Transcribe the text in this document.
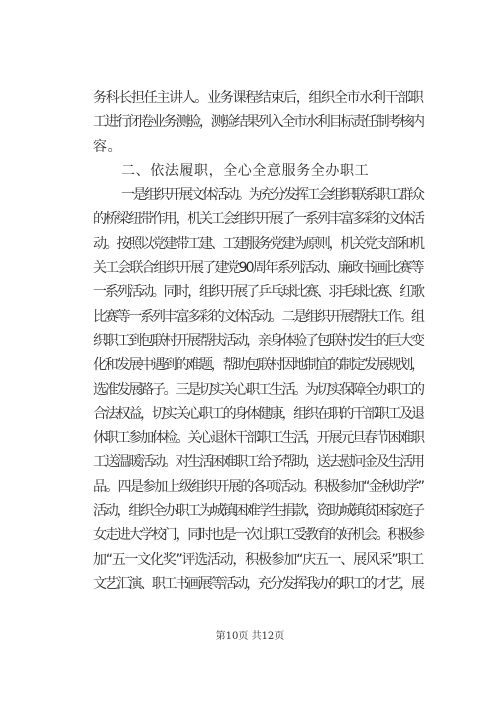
务科长担任主讲人。业务课程结束后，组织全市水利干部职
工进行闭卷业务测验，测验结果列入全市水利目标责任制考核内
容。
二、依法履职，全心全意服务全办职工
一是组织开展文体活动。为充分发挥工会组织联系职工群众
的桥梁纽带作用，机关工会组织开展了一系列丰富多彩的文体活
动。按照以党建带工建、工建服务党建为原则，机关党支部和机
关工会联合组织开展了建党90周年系列活动、廉政书画比赛等
一系列活动。同时，组织开展了乒乓球比赛、羽毛球比赛、红歌
比赛等一系列丰富多彩的文体活动。二是组织开展帮扶工作。组
织职工到包联村开展帮扶活动，亲身体验了包联村发生的巨大变
化和发展中遇到的难题，帮助包联村因地制宜的制定发展规划，
选准发展路子。三是切实关心职工生活。为切实保障全办职工的
合法权益，切实关心职工的身体健康，组织在职的干部职工及退
休职工参加体检。关心退休干部职工生活，开展元旦春节困难职
工送温暖活动。对生活困难职工给予帮助，送去慰问金及生活用
品。四是参加上级组织开展的各项活动。积极参加“金秋助学”
活动，组织全办职工为城镇困难学生捐款，资助城镇贫困家庭子
女走进大学校门，同时也是一次让职工受教育的好机会。积极参
加“五一文化奖”评选活动，积极参加“庆五一、展风采”职工
文艺汇演、职工书画展等活动，充分发挥我办的职工的才艺，展
第10页 共12页
